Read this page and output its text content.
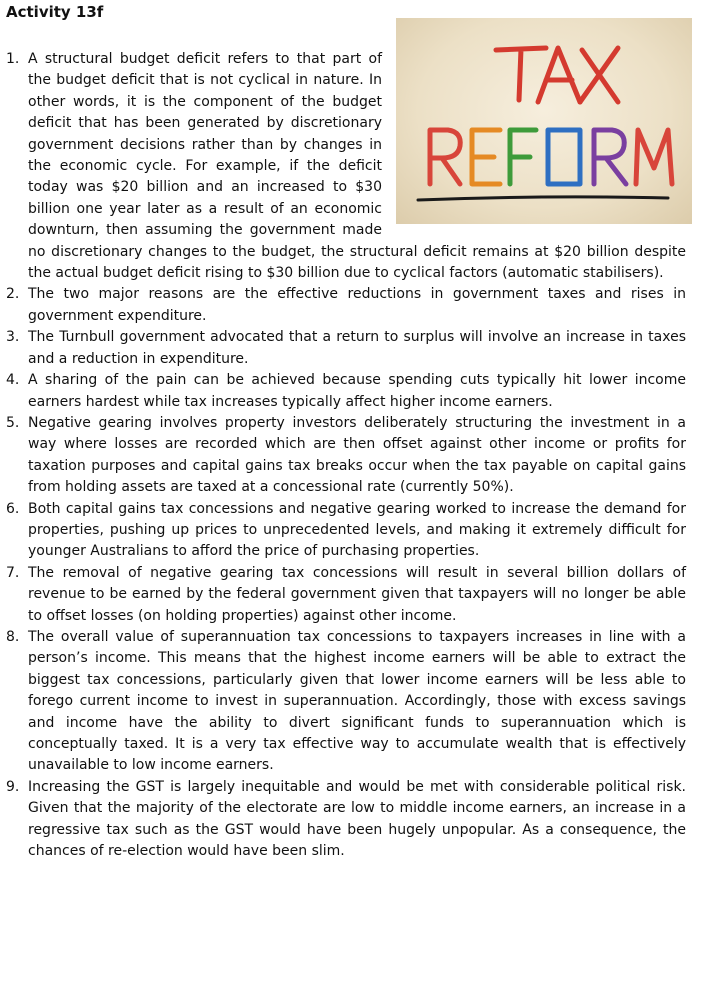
Activity 13f
1. A structural budget deficit refers to that part of the budget deficit that is not cyclical in nature. In other words, it is the component of the budget deficit that has been generated by discretionary government decisions rather than by changes in the economic cycle. For example, if the deficit today was $20 billion and an increased to $30 billion one year later as a result of an economic downturn, then assuming the government made no discretionary changes to the budget, the structural deficit remains at $20 billion despite the actual budget deficit rising to $30 billion due to cyclical factors (automatic stabilisers).
2. The two major reasons are the effective reductions in government taxes and rises in government expenditure.
3. The Turnbull government advocated that a return to surplus will involve an increase in taxes and a reduction in expenditure.
4. A sharing of the pain can be achieved because spending cuts typically hit lower income earners hardest while tax increases typically affect higher income earners.
5. Negative gearing involves property investors deliberately structuring the investment in a way where losses are recorded which are then offset against other income or profits for taxation purposes and capital gains tax breaks occur when the tax payable on capital gains from holding assets are taxed at a concessional rate (currently 50%).
6. Both capital gains tax concessions and negative gearing worked to increase the demand for properties, pushing up prices to unprecedented levels, and making it extremely difficult for younger Australians to afford the price of purchasing properties.
7. The removal of negative gearing tax concessions will result in several billion dollars of revenue to be earned by the federal government given that taxpayers will no longer be able to offset losses (on holding properties) against other income.
8. The overall value of superannuation tax concessions to taxpayers increases in line with a person’s income. This means that the highest income earners will be able to extract the biggest tax concessions, particularly given that lower income earners will be less able to forego current income to invest in superannuation. Accordingly, those with excess savings and income have the ability to divert significant funds to superannuation which is conceptually taxed. It is a very tax effective way to accumulate wealth that is effectively unavailable to low income earners.
9. Increasing the GST is largely inequitable and would be met with considerable political risk. Given that the majority of the electorate are low to middle income earners, an increase in a regressive tax such as the GST would have been hugely unpopular. As a consequence, the chances of re-election would have been slim.
